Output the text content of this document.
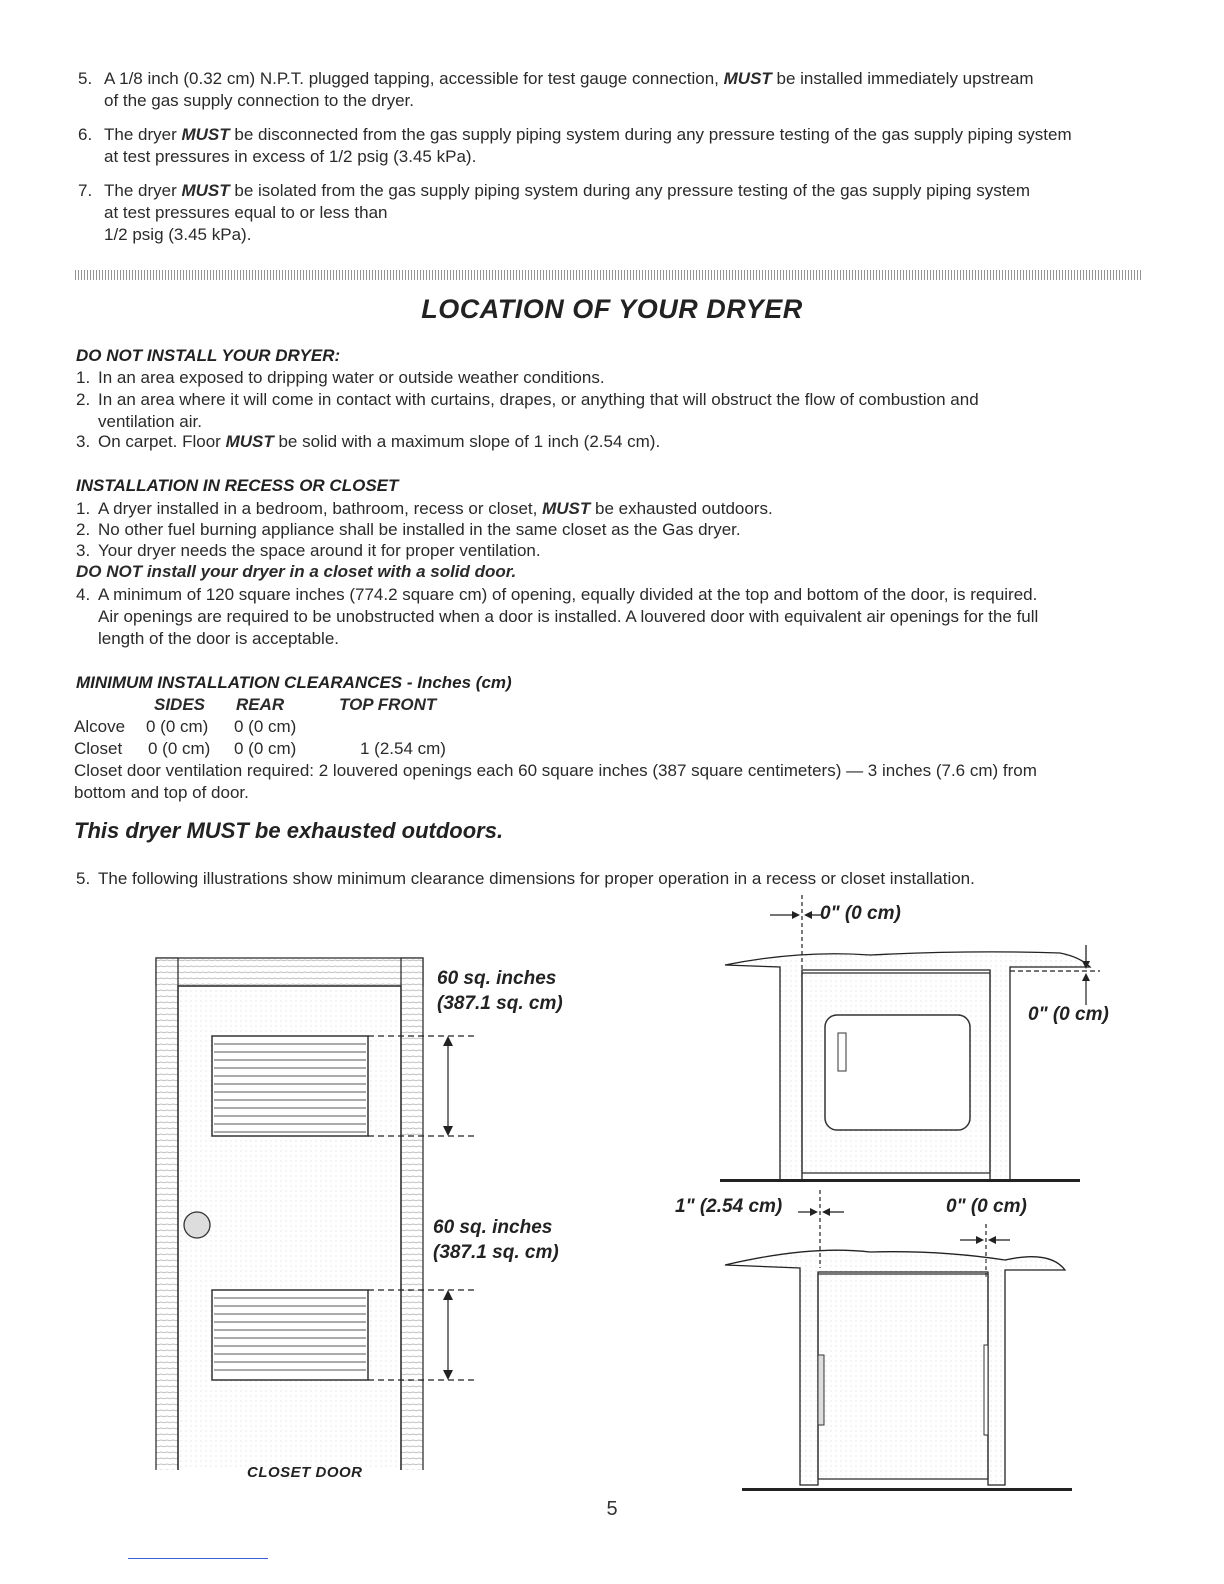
5. A 1/8 inch (0.32 cm) N.P.T. plugged tapping, accessible for test gauge connection, MUST be installed immediately upstream
of the gas supply connection to the dryer.
6. The dryer MUST be disconnected from the gas supply piping system during any pressure testing of the gas supply piping system
at test pressures in excess of 1/2 psig (3.45 kPa).
7. The dryer MUST be isolated from the gas supply piping system during any pressure testing of the gas supply piping system
at test pressures equal to or less than
1/2 psig (3.45 kPa).
LOCATION OF YOUR DRYER
DO NOT INSTALL YOUR DRYER:
1. In an area exposed to dripping water or outside weather conditions.
2. In an area where it will come in contact with curtains, drapes, or anything that will obstruct the flow of combustion and
ventilation air.
3. On carpet. Floor MUST be solid with a maximum slope of 1 inch (2.54 cm).
INSTALLATION IN RECESS OR CLOSET
1. A dryer installed in a bedroom, bathroom, recess or closet, MUST be exhausted outdoors.
2. No other fuel burning appliance shall be installed in the same closet as the Gas dryer.
3. Your dryer needs the space around it for proper ventilation.
DO NOT install your dryer in a closet with a solid door.
4. A minimum of 120 square inches (774.2 square cm) of opening, equally divided at the top and bottom of the door, is required.
Air openings are required to be unobstructed when a door is installed. A louvered door with equivalent air openings for the full
length of the door is acceptable.
MINIMUM INSTALLATION CLEARANCES - Inches (cm)
SIDES REAR	TOP FRONT
Alcove 0 (0 cm) 0 (0 cm)
Closet 0 (0 cm) 0 (0 cm)	1 (2.54 cm)
Closet door ventilation required: 2 louvered openings each 60 square inches (387 square centimeters) — 3 inches (7.6 cm) from
bottom and top of door.
This dryer MUST be exhausted outdoors.
5. The following illustrations show minimum clearance dimensions for proper operation in a recess or closet installation.
60 sq. inches
(387.1 sq. cm)
60 sq. inches
(387.1 sq. cm)
CLOSET DOOR
0" (0 cm)
0" (0 cm)
1" (2.54 cm)	0" (0 cm)
5
